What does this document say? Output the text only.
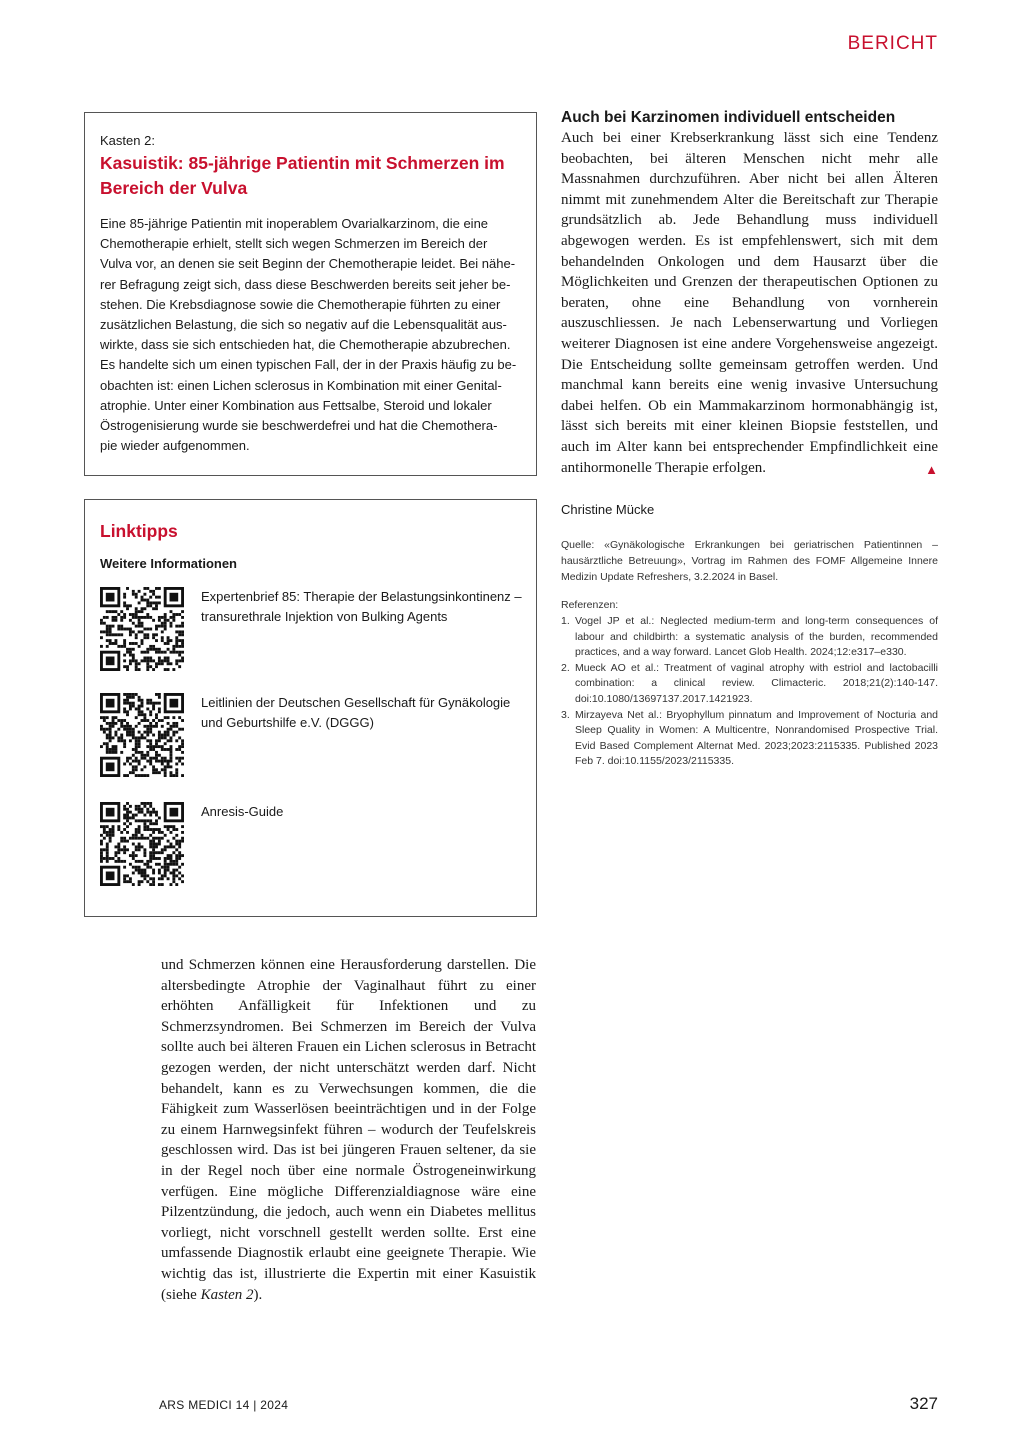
BERICHT
Kasten 2:
Kasuistik: 85-jährige Patientin mit Schmerzen im
Bereich der Vulva
Eine 85-jährige Patientin mit inoperablem Ovarialkarzinom, die eine
Chemotherapie erhielt, stellt sich wegen Schmerzen im Bereich der
Vulva vor, an denen sie seit Beginn der Chemotherapie leidet. Bei nähe-
rer Befragung zeigt sich, dass diese Beschwerden bereits seit jeher be-
stehen. Die Krebsdiagnose sowie die Chemotherapie führten zu einer
zusätzlichen Belastung, die sich so negativ auf die Lebensqualität aus-
wirkte, dass sie sich entschieden hat, die Chemotherapie abzubrechen.
Es handelte sich um einen typischen Fall, der in der Praxis häufig zu be-
obachten ist: einen Lichen sclerosus in Kombination mit einer Genital-
atrophie. Unter einer Kombination aus Fettsalbe, Steroid und lokaler
Östrogenisierung wurde sie beschwerdefrei und hat die Chemothera-
pie wieder aufgenommen.
Linktipps
Weitere Informationen
Expertenbrief 85: Therapie der Belastungsinkontinenz –
transurethrale Injektion von Bulking Agents
Leitlinien der Deutschen Gesellschaft für Gynäkologie
und Geburtshilfe e.V. (DGGG)
Anresis-Guide
Auch bei Karzinomen individuell entscheiden
Auch bei einer Krebserkrankung lässt sich eine Tendenz beobachten, bei älteren Menschen nicht mehr alle Massnahmen durchzuführen. Aber nicht bei allen Älteren nimmt mit zunehmendem Alter die Bereitschaft zur Therapie grundsätzlich ab. Jede Behandlung muss individuell abgewogen werden. Es ist empfehlenswert, sich mit dem behandelnden Onkologen und dem Hausarzt über die Möglichkeiten und Grenzen der therapeutischen Optionen zu beraten, ohne eine Behandlung von vornherein auszuschliessen. Je nach Lebenserwartung und Vorliegen weiterer Diagnosen ist eine andere Vorgehensweise angezeigt. Die Entscheidung sollte gemeinsam getroffen werden. Und manchmal kann bereits eine wenig invasive Untersuchung dabei helfen. Ob ein Mammakarzinom hormonabhängig ist, lässt sich bereits mit einer kleinen Biopsie feststellen, und auch im Alter kann bei entsprechender Empfindlichkeit eine antihormonelle Therapie erfolgen.	▲
Christine Mücke
Quelle: «Gynäkologische Erkrankungen bei geriatrischen Patientinnen – hausärztliche Betreuung», Vortrag im Rahmen des FOMF Allgemeine Innere Medizin Update Refreshers, 3.2.2024 in Basel.
Referenzen:
1. Vogel JP et al.: Neglected medium-term and long-term consequences of labour and childbirth: a systematic analysis of the burden, recommended practices, and a way forward. Lancet Glob Health. 2024;12:e317–e330.
2. Mueck AO et al.: Treatment of vaginal atrophy with estriol and lactobacilli combination: a clinical review. Climacteric. 2018;21(2):140-147. doi:10.1080/13697137.2017.1421923.
3. Mirzayeva Net al.: Bryophyllum pinnatum and Improvement of Nocturia and Sleep Quality in Women: A Multicentre, Nonrandomised Prospective Trial. Evid Based Complement Alternat Med. 2023;2023:2115335. Published 2023 Feb 7. doi:10.1155/2023/2115335.
und Schmerzen können eine Herausforderung darstellen. Die altersbedingte Atrophie der Vaginalhaut führt zu einer erhöhten Anfälligkeit für Infektionen und zu Schmerzsyndromen. Bei Schmerzen im Bereich der Vulva sollte auch bei älteren Frauen ein Lichen sclerosus in Betracht gezogen werden, der nicht unterschätzt werden darf. Nicht behandelt, kann es zu Verwechsungen kommen, die die Fähigkeit zum Wasserlösen beeinträchtigen und in der Folge zu einem Harnwegsinfekt führen – wodurch der Teufelskreis geschlossen wird. Das ist bei jüngeren Frauen seltener, da sie in der Regel noch über eine normale Östrogeneinwirkung verfügen. Eine mögliche Differenzialdiagnose wäre eine Pilzentzündung, die jedoch, auch wenn ein Diabetes mellitus vorliegt, nicht vorschnell gestellt werden sollte. Erst eine umfassende Diagnostik erlaubt eine geeignete Therapie. Wie wichtig das ist, illustrierte die Expertin mit einer Kasuistik (siehe Kasten 2).
ARS MEDICI 14 | 2024	327
